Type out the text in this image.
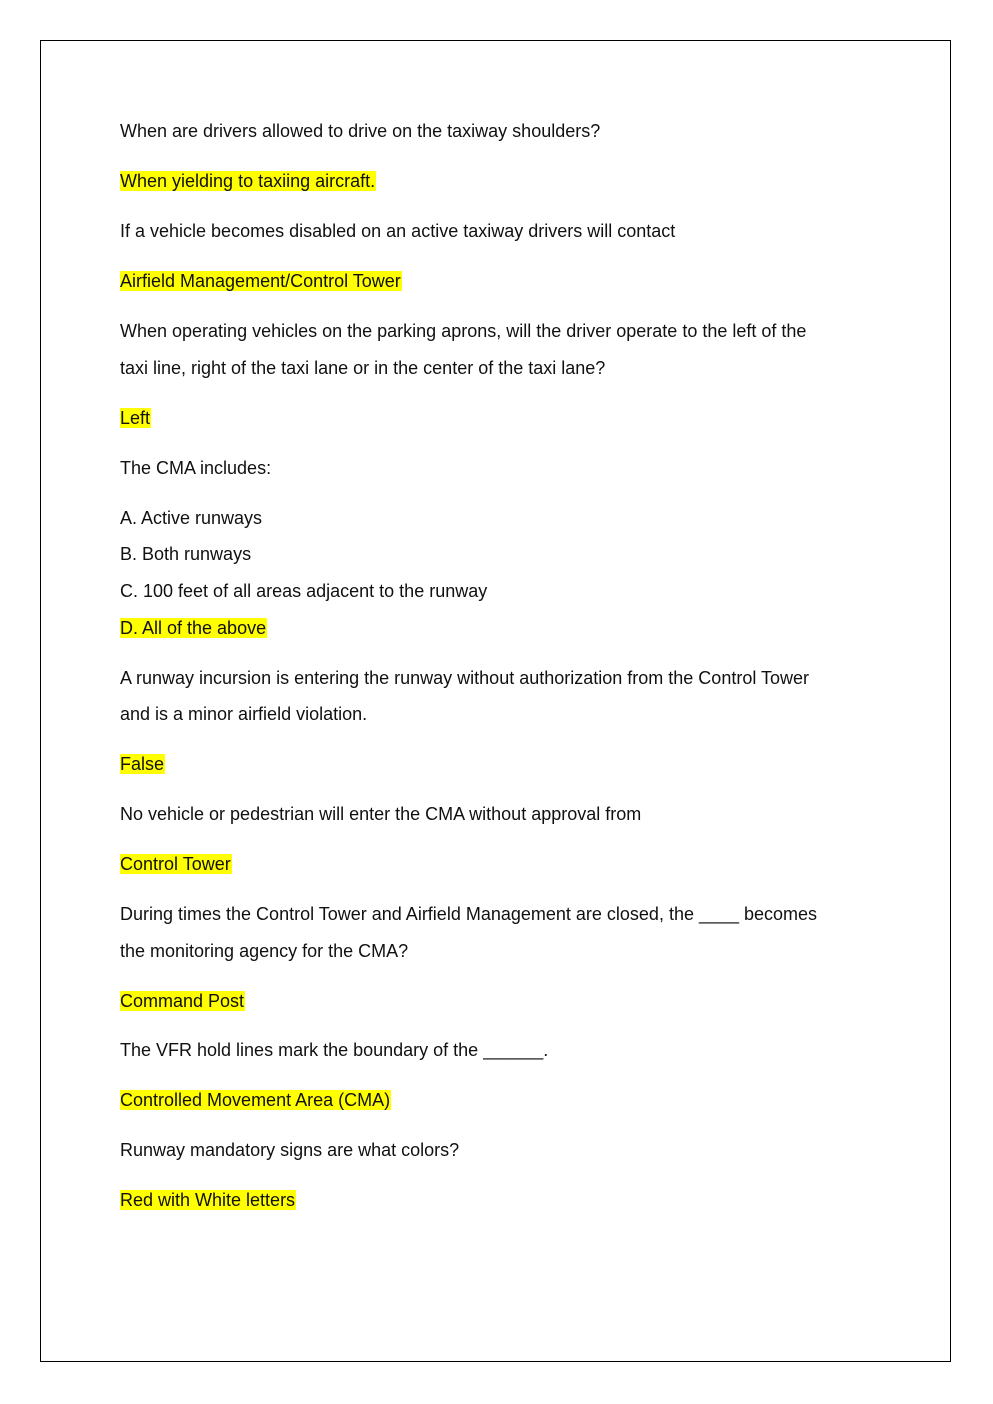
When are drivers allowed to drive on the taxiway shoulders?

When yielding to taxiing aircraft.

If a vehicle becomes disabled on an active taxiway drivers will contact

Airfield Management/Control Tower

When operating vehicles on the parking aprons, will the driver operate to the left of the

taxi line, right of the taxi lane or in the center of the taxi lane?

Left

The CMA includes:

A. Active runways

B. Both runways

C. 100 feet of all areas adjacent to the runway

D. All of the above

A runway incursion is entering the runway without authorization from the Control Tower

and is a minor airfield violation.

False

No vehicle or pedestrian will enter the CMA without approval from

Control Tower

During times the Control Tower and Airfield Management are closed, the ____ becomes

the monitoring agency for the CMA?

Command Post

The VFR hold lines mark the boundary of the ______.

Controlled Movement Area (CMA)

Runway mandatory signs are what colors?

Red with White letters
